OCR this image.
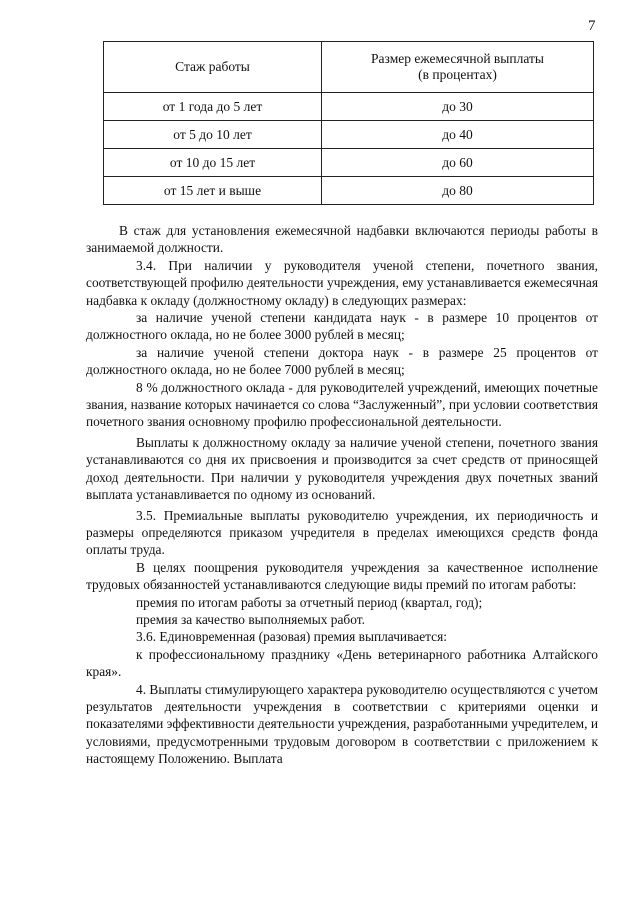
7
Стаж работы	Размер ежемесячной выплаты
(в процентах)
от 1 года до 5 лет	до 30
от 5 до 10 лет	до 40
от 10 до 15 лет	до 60
от 15 лет и выше	до 80

В стаж для установления ежемесячной надбавки включаются периоды работы в занимаемой должности.

3.4. При наличии у руководителя ученой степени, почетного звания, соответствующей профилю деятельности учреждения, ему устанавливается ежемесячная надбавка к окладу (должностному окладу) в следующих размерах:

за наличие ученой степени кандидата наук - в размере 10 процентов от должностного оклада, но не более 3000 рублей в месяц;

за наличие ученой степени доктора наук - в размере 25 процентов от должностного оклада, но не более 7000 рублей в месяц;

8 % должностного оклада - для руководителей учреждений, имеющих почетные звания, название которых начинается со слова “Заслуженный”, при условии соответствия почетного звания основному профилю профессиональной деятельности.

Выплаты к должностному окладу за наличие ученой степени, почетного звания устанавливаются со дня их присвоения и производится за счет средств от приносящей доход деятельности. При наличии у руководителя учреждения двух почетных званий выплата устанавливается по одному из оснований.

3.5. Премиальные выплаты руководителю учреждения, их периодичность и размеры определяются приказом учредителя в пределах имеющихся средств фонда оплаты труда.

В целях поощрения руководителя учреждения за качественное исполнение трудовых обязанностей устанавливаются следующие виды премий по итогам работы:

премия по итогам работы за отчетный период (квартал, год);

премия за качество выполняемых работ.

3.6. Единовременная (разовая) премия выплачивается:

к профессиональному празднику «День ветеринарного работника Алтайского края».

4. Выплаты стимулирующего характера руководителю осуществляются с учетом результатов деятельности учреждения в соответствии с критериями оценки и показателями эффективности деятельности учреждения, разработанными учредителем, и условиями, предусмотренными трудовым договором в соответствии с приложением к настоящему Положению. Выплата
